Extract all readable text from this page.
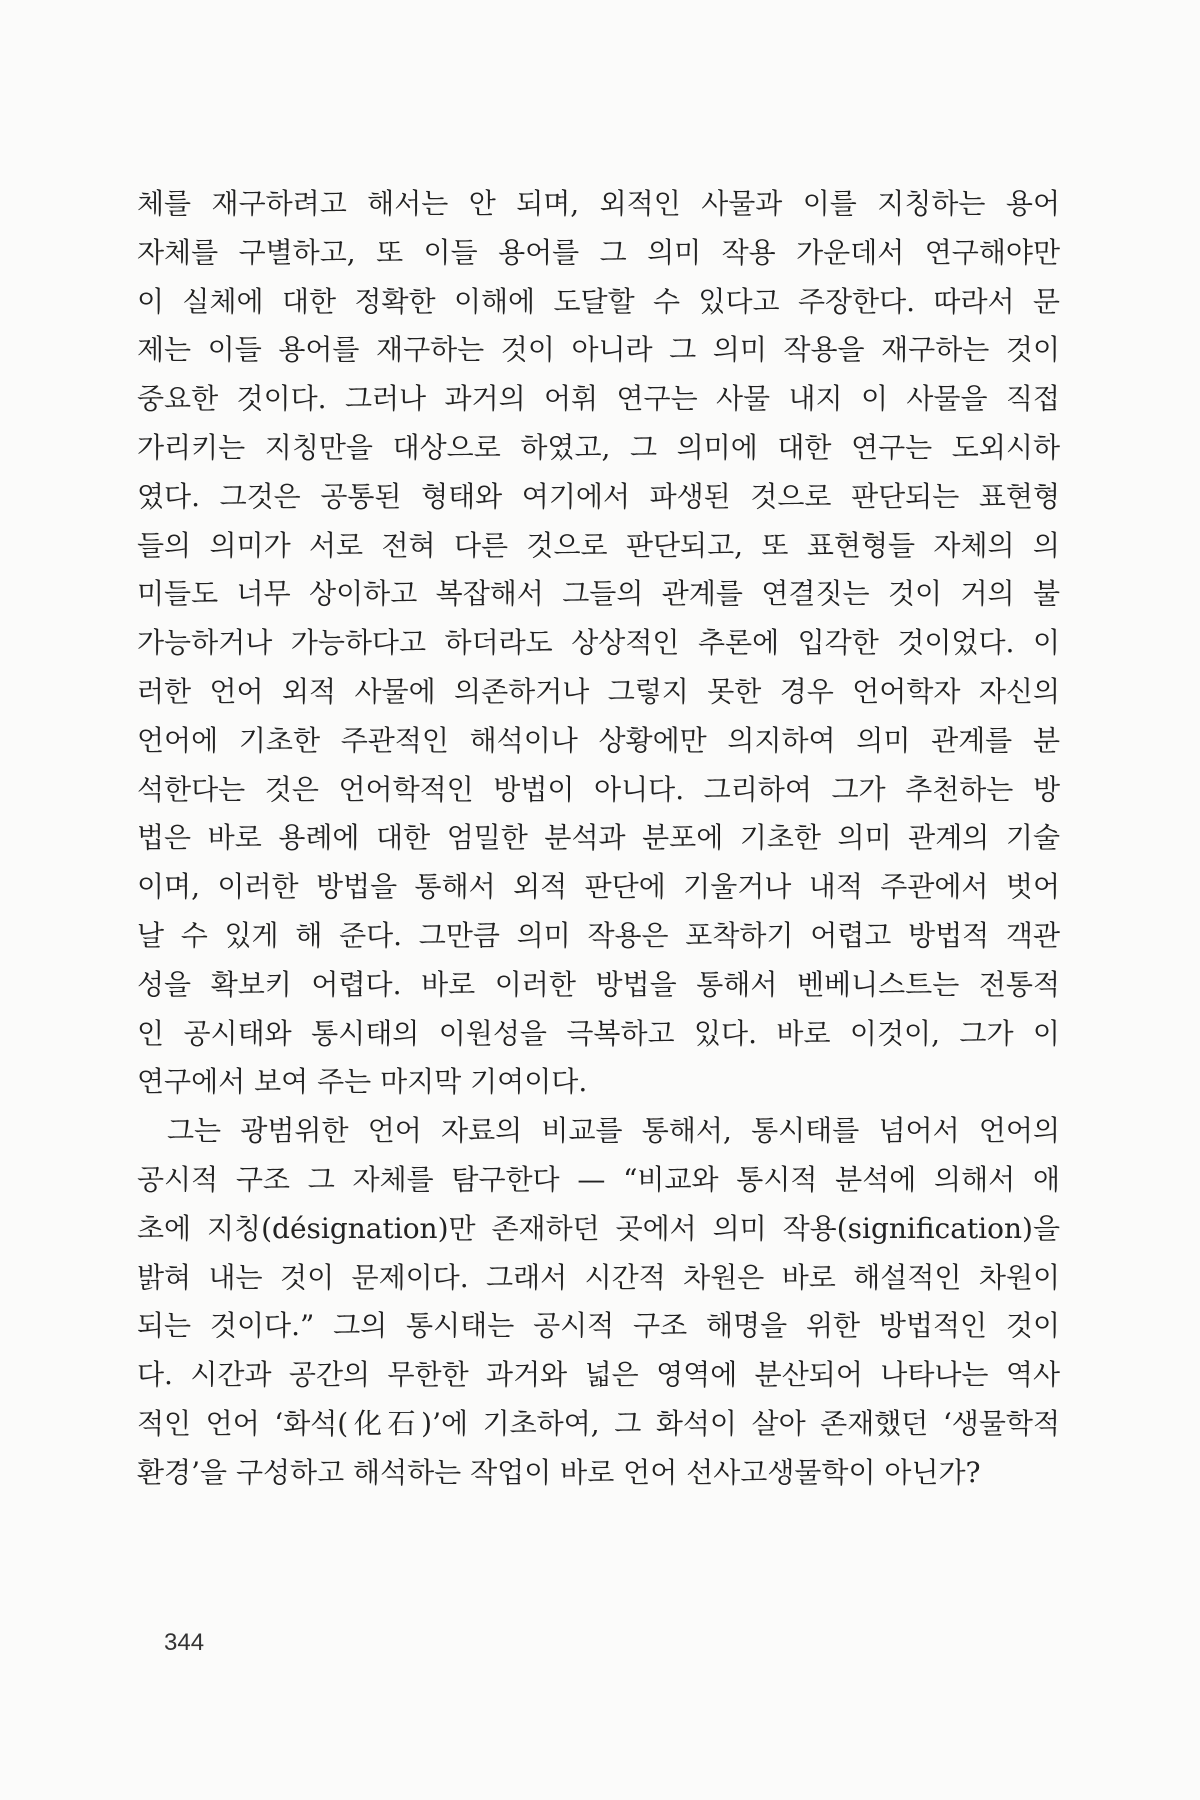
체를 재구하려고 해서는 안 되며, 외적인 사물과 이를 지칭하는 용어
자체를 구별하고, 또 이들 용어를 그 의미 작용 가운데서 연구해야만
이 실체에 대한 정확한 이해에 도달할 수 있다고 주장한다. 따라서 문
제는 이들 용어를 재구하는 것이 아니라 그 의미 작용을 재구하는 것이
중요한 것이다. 그러나 과거의 어휘 연구는 사물 내지 이 사물을 직접
가리키는 지칭만을 대상으로 하였고, 그 의미에 대한 연구는 도외시하
였다. 그것은 공통된 형태와 여기에서 파생된 것으로 판단되는 표현형
들의 의미가 서로 전혀 다른 것으로 판단되고, 또 표현형들 자체의 의
미들도 너무 상이하고 복잡해서 그들의 관계를 연결짓는 것이 거의 불
가능하거나 가능하다고 하더라도 상상적인 추론에 입각한 것이었다. 이
러한 언어 외적 사물에 의존하거나 그렇지 못한 경우 언어학자 자신의
언어에 기초한 주관적인 해석이나 상황에만 의지하여 의미 관계를 분
석한다는 것은 언어학적인 방법이 아니다. 그리하여 그가 추천하는 방
법은 바로 용례에 대한 엄밀한 분석과 분포에 기초한 의미 관계의 기술
이며, 이러한 방법을 통해서 외적 판단에 기울거나 내적 주관에서 벗어
날 수 있게 해 준다. 그만큼 의미 작용은 포착하기 어렵고 방법적 객관
성을 확보키 어렵다. 바로 이러한 방법을 통해서 벤베니스트는 전통적
인 공시태와 통시태의 이원성을 극복하고 있다. 바로 이것이, 그가 이
연구에서 보여 주는 마지막 기여이다.
그는 광범위한 언어 자료의 비교를 통해서, 통시태를 넘어서 언어의
공시적 구조 그 자체를 탐구한다 — “비교와 통시적 분석에 의해서 애
초에 지칭(désignation)만 존재하던 곳에서 의미 작용(signification)을
밝혀 내는 것이 문제이다. 그래서 시간적 차원은 바로 해설적인 차원이
되는 것이다.” 그의 통시태는 공시적 구조 해명을 위한 방법적인 것이
다. 시간과 공간의 무한한 과거와 넓은 영역에 분산되어 나타나는 역사
적인 언어 ‘화석(化石)’에 기초하여, 그 화석이 살아 존재했던 ‘생물학적
환경’을 구성하고 해석하는 작업이 바로 언어 선사고생물학이 아닌가?
344
